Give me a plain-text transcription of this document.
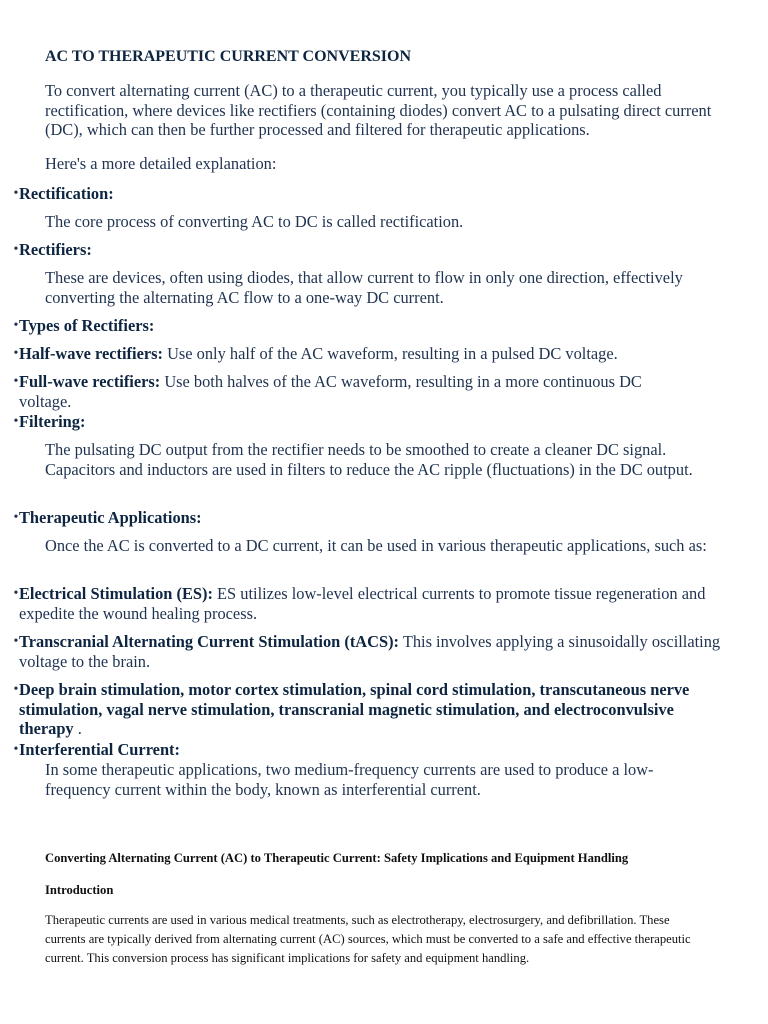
AC TO THERAPEUTIC CURRENT CONVERSION

To convert alternating current (AC) to a therapeutic current, you typically use a process called rectification, where devices like rectifiers (containing diodes) convert AC to a pulsating direct current (DC), which can then be further processed and filtered for therapeutic applications.

Here's a more detailed explanation:

• Rectification:

The core process of converting AC to DC is called rectification.

• Rectifiers:

These are devices, often using diodes, that allow current to flow in only one direction, effectively converting the alternating AC flow to a one-way DC current.

• Types of Rectifiers:

• Half-wave rectifiers: Use only half of the AC waveform, resulting in a pulsed DC voltage.

• Full-wave rectifiers: Use both halves of the AC waveform, resulting in a more continuous DC voltage.

• Filtering:

The pulsating DC output from the rectifier needs to be smoothed to create a cleaner DC signal. Capacitors and inductors are used in filters to reduce the AC ripple (fluctuations) in the DC output.

• Therapeutic Applications:

Once the AC is converted to a DC current, it can be used in various therapeutic applications, such as:

• Electrical Stimulation (ES): ES utilizes low-level electrical currents to promote tissue regeneration and expedite the wound healing process.

• Transcranial Alternating Current Stimulation (tACS): This involves applying a sinusoidally oscillating voltage to the brain.

• Deep brain stimulation, motor cortex stimulation, spinal cord stimulation, transcutaneous nerve stimulation, vagal nerve stimulation, transcranial magnetic stimulation, and electroconvulsive therapy .

• Interferential Current:

In some therapeutic applications, two medium-frequency currents are used to produce a low-frequency current within the body, known as interferential current.

Converting Alternating Current (AC) to Therapeutic Current: Safety Implications and Equipment Handling

Introduction

Therapeutic currents are used in various medical treatments, such as electrotherapy, electrosurgery, and defibrillation. These currents are typically derived from alternating current (AC) sources, which must be converted to a safe and effective therapeutic current. This conversion process has significant implications for safety and equipment handling.
